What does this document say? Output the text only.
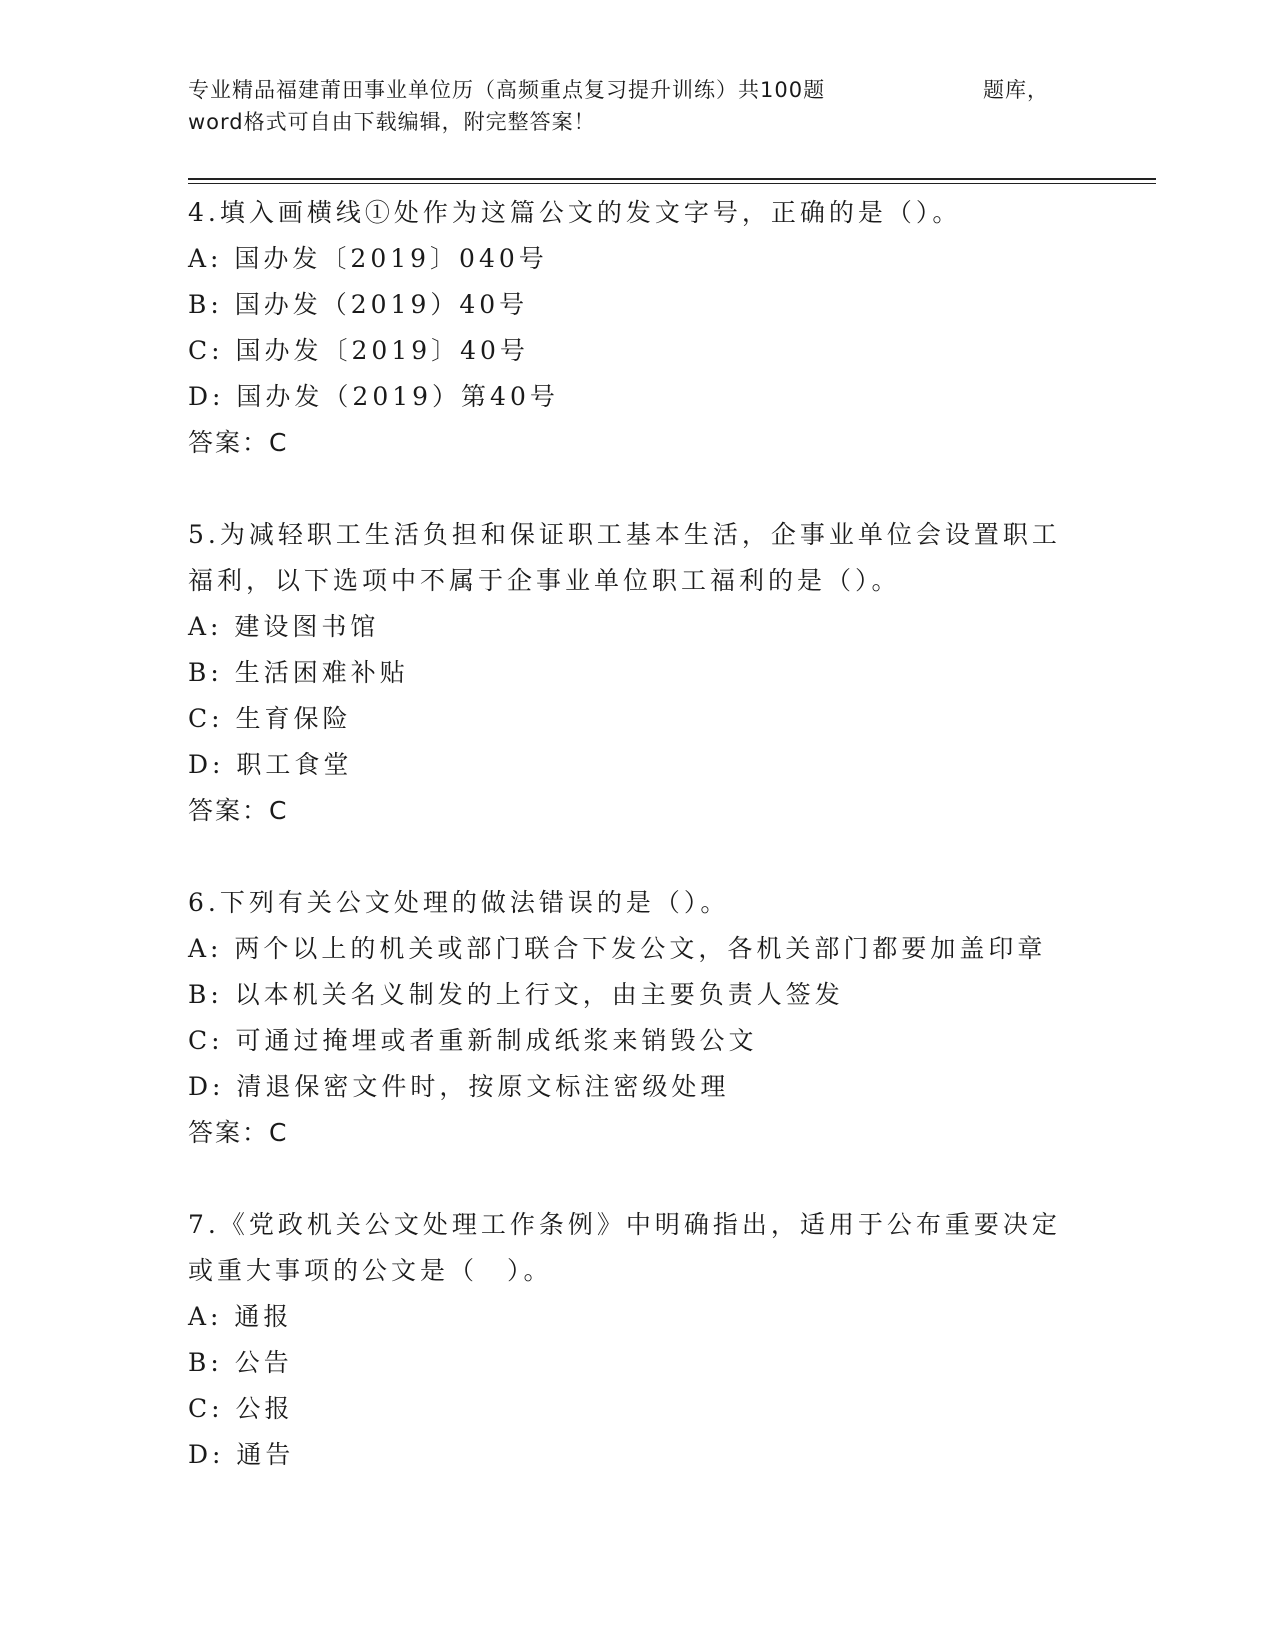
专业精品福建莆田事业单位历（高频重点复习提升训练）共100题	题库，
word格式可自由下载编辑，附完整答案！

4.填入画横线①处作为这篇公文的发文字号，正确的是（）。

A: 国办发〔2019〕040号

B: 国办发（2019）40号

C: 国办发〔2019〕40号

D: 国办发（2019）第40号

答案：C

5.为减轻职工生活负担和保证职工基本生活，企事业单位会设置职工福利，以下选项中不属于企事业单位职工福利的是（）。

A: 建设图书馆

B: 生活困难补贴

C: 生育保险

D: 职工食堂

答案：C

6.下列有关公文处理的做法错误的是（）。

A: 两个以上的机关或部门联合下发公文，各机关部门都要加盖印章

B: 以本机关名义制发的上行文，由主要负责人签发

C: 可通过掩埋或者重新制成纸浆来销毁公文

D: 清退保密文件时，按原文标注密级处理

答案：C

7.《党政机关公文处理工作条例》中明确指出，适用于公布重要决定或重大事项的公文是（　）。

A: 通报

B: 公告

C: 公报

D: 通告
